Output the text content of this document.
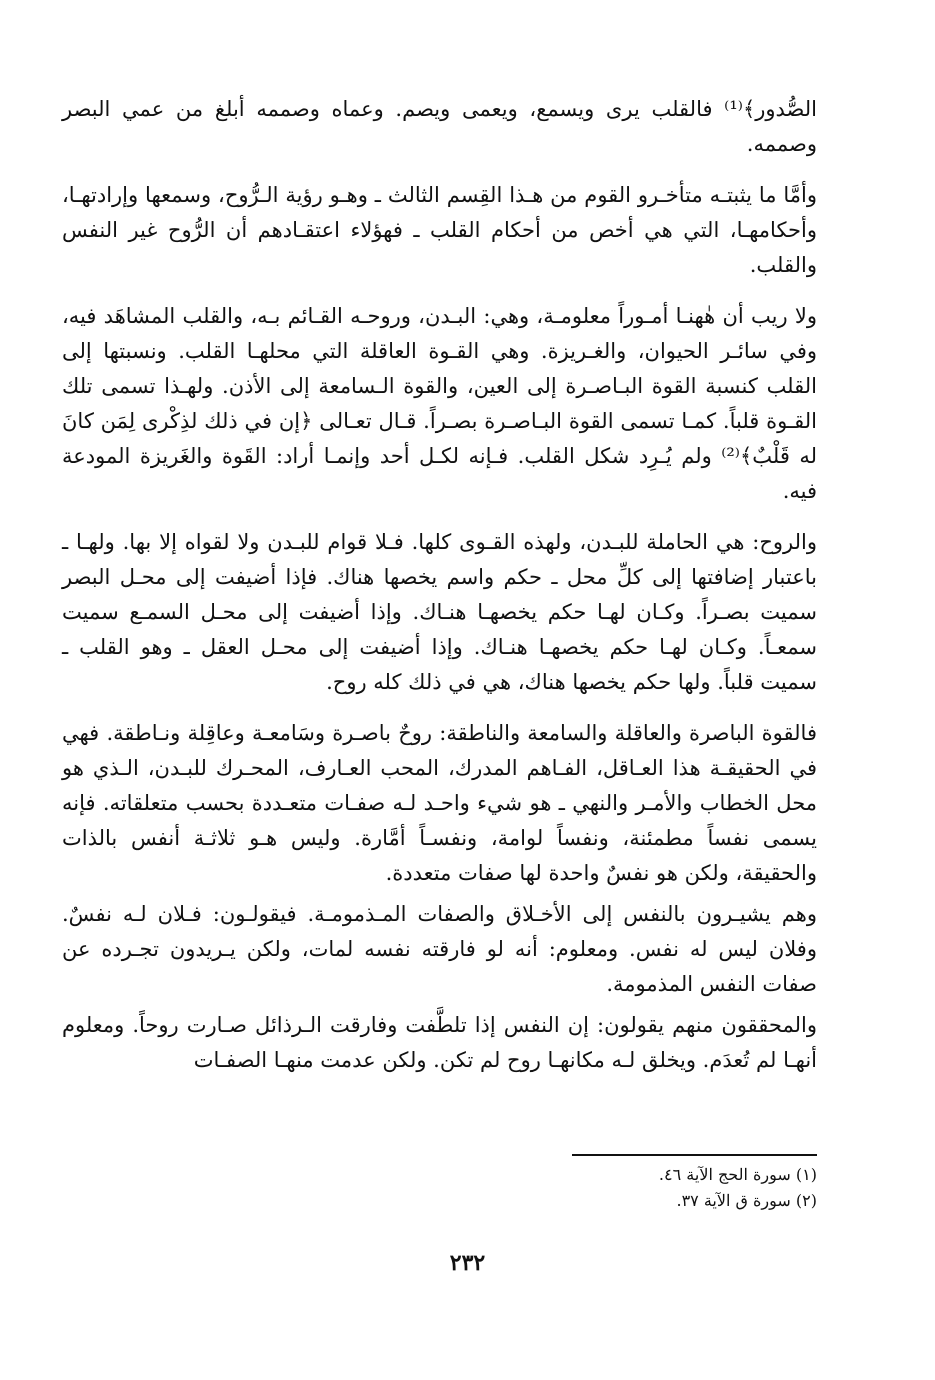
الصُّدور﴾⁽¹⁾ فالقلب يرى ويسمع، ويعمى ويصم. وعماه وصممه أبلغ من عمي البصر وصممه.

وأمَّا ما يثبتـه متأخـرو القوم من هـذا القِسم الثالث ـ وهـو رؤية الـرُّوح، وسمعها وإرادتهـا، وأحكامهـا، التي هي أخص من أحكام القلب ـ فهؤلاء اعتقـادهم أن الرُّوح غير النفس والقلب.

ولا ريب أن هٰهنـا أمـوراً معلومـة، وهي: البـدن، وروحـه القـائم بـه، والقلب المشاهَد فيه، وفي سائـر الحيوان، والغـريزة. وهي القـوة العاقلة التي محلهـا القلب. ونسبتها إلى القلب كنسبة القوة البـاصـرة إلى العين، والقوة الـسامعة إلى الأذن. ولهـذا تسمى تلك القـوة قلباً. كمـا تسمى القوة البـاصـرة بصـراً. قـال تعـالى ﴿إن في ذلك لذِكْرى لِمَن كانَ له قَلْبٌ﴾⁽²⁾ ولم يُـرِد شكل القلب. فـإنه لكـل أحد وإنمـا أراد: القَوة والغَريزة المودعة فيه.

والروح: هي الحاملة للبـدن، ولهذه القـوى كلها. فـلا قوام للبـدن ولا لقواه إلا بها. ولهـا ـ باعتبار إضافتها إلى كلِّ محل ـ حكم واسم يخصها هناك. فإذا أضيفت إلى محـل البصر سميت بصـراً. وكـان لهـا حكم يخصهـا هنـاك. وإذا أضيفت إلى محـل السمـع سميت سمعـاً. وكـان لهـا حكم يخصهـا هنـاك. وإذا أضيفت إلى محـل العقل ـ وهو القلب ـ سميت قلباً. ولها حكم يخصها هناك، هي في ذلك كله روح.

فالقوة الباصرة والعاقلة والسامعة والناطقة: روحٌ باصـرة وسَامعـة وعاقِلة ونـاطقة. فهي في الحقيقـة هذا العـاقل، الفـاهم المدرك، المحب العـارف، المحـرك للبـدن، الـذي هو محل الخطاب والأمـر والنهي ـ هو شيء واحـد لـه صفـات متعـددة بحسب متعلقاته. فإنه يسمى نفساً مطمئنة، ونفساً لوامة، ونفسـاً أمَّارة. وليس هـو ثلاثـة أنفس بالذات والحقيقة، ولكن هو نفسٌ واحدة لها صفات متعددة.

وهم يشيـرون بالنفس إلى الأخـلاق والصفات المـذمومـة. فيقولـون: فـلان لـه نفسٌ. وفلان ليس له نفس. ومعلوم: أنه لو فارقته نفسه لمات، ولكن يـريدون تجـرده عن صفات النفس المذمومة.

والمحققون منهم يقولون: إن النفس إذا تلطَّفت وفارقت الـرذائل صـارت روحاً. ومعلوم أنهـا لم تُعدَم. ويخلق لـه مكانهـا روح لم تكن. ولكن عدمت منهـا الصفـات

(١) سورة الحج الآية ٤٦.

(٢) سورة ق الآية ٣٧.

٢٣٢
